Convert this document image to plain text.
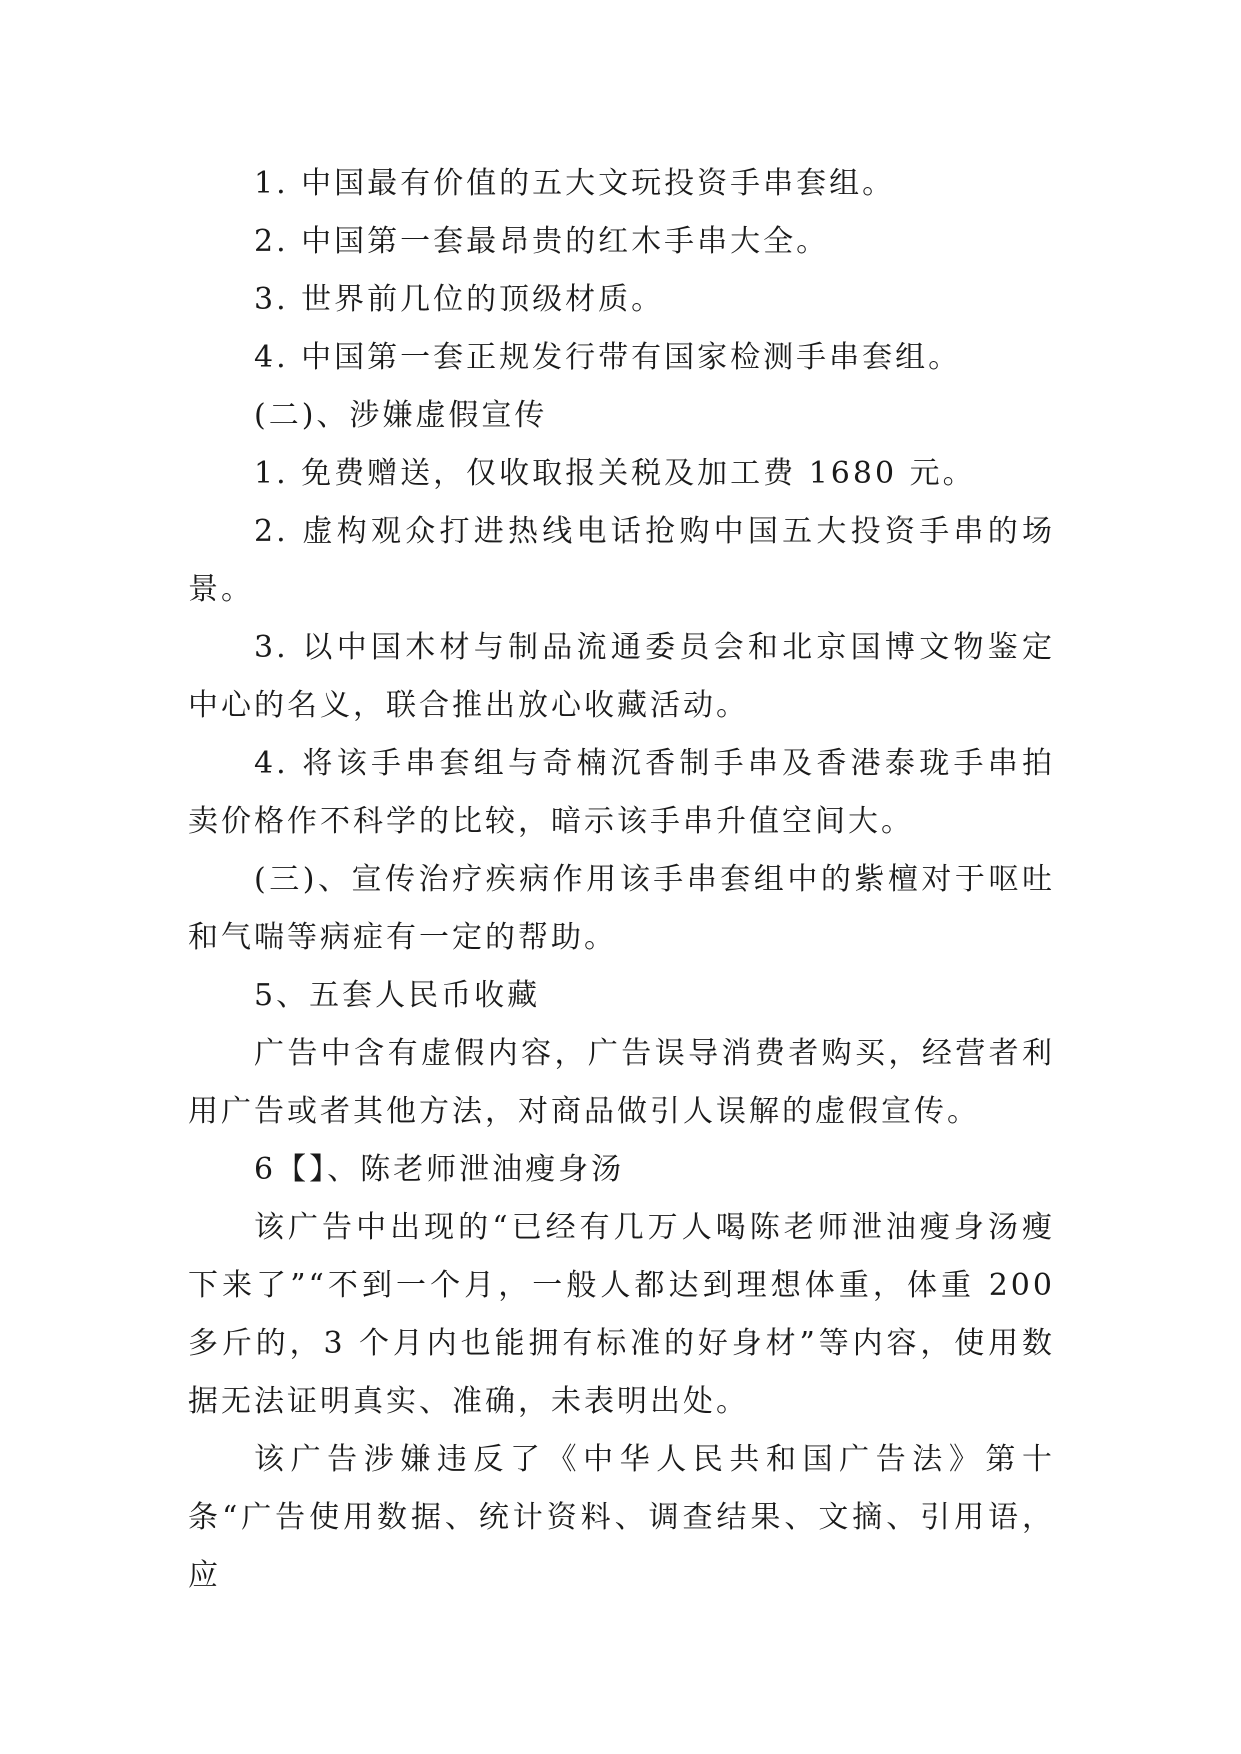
1. 中国最有价值的五大文玩投资手串套组。

2. 中国第一套最昂贵的红木手串大全。

3. 世界前几位的顶级材质。

4. 中国第一套正规发行带有国家检测手串套组。

(二)、涉嫌虚假宣传

1. 免费赠送，仅收取报关税及加工费 1680 元。

2. 虚构观众打进热线电话抢购中国五大投资手串的场景。

3. 以中国木材与制品流通委员会和北京国博文物鉴定中心的名义，联合推出放心收藏活动。

4. 将该手串套组与奇楠沉香制手串及香港泰珑手串拍卖价格作不科学的比较，暗示该手串升值空间大。

(三)、宣传治疗疾病作用该手串套组中的紫檀对于呕吐和气喘等病症有一定的帮助。

5、五套人民币收藏

广告中含有虚假内容，广告误导消费者购买，经营者利用广告或者其他方法，对商品做引人误解的虚假宣传。

6【】、陈老师泄油瘦身汤

该广告中出现的“已经有几万人喝陈老师泄油瘦身汤瘦下来了”“不到一个月，一般人都达到理想体重，体重 200 多斤的，3 个月内也能拥有标准的好身材”等内容，使用数据无法证明真实、准确，未表明出处。

该广告涉嫌违反了《中华人民共和国广告法》第十条“广告使用数据、统计资料、调查结果、文摘、引用语，应
